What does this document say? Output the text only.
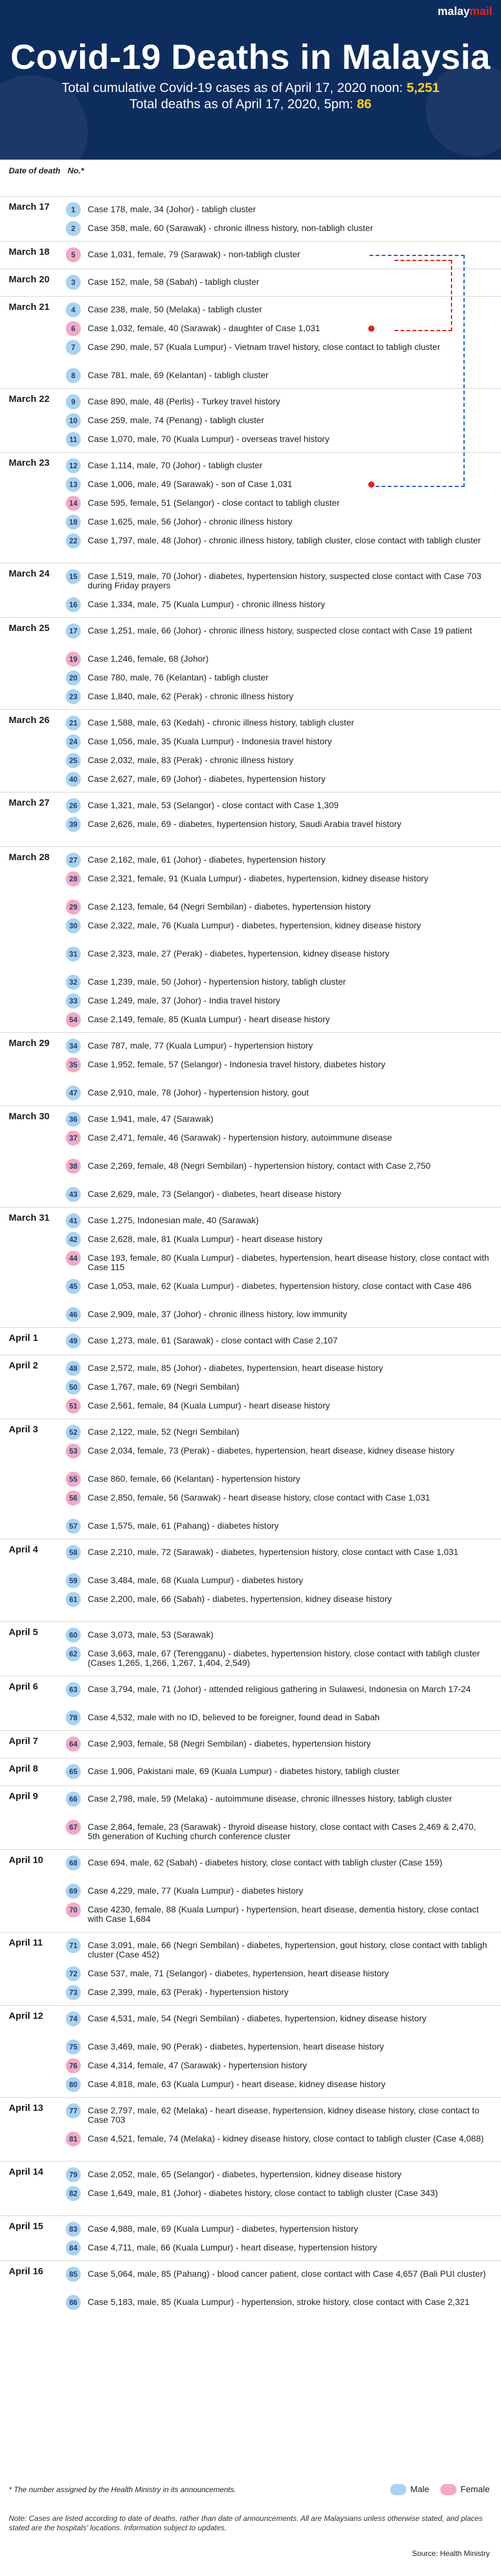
malaymail
Covid-19 Deaths in Malaysia
Total cumulative Covid-19 cases as of April 17, 2020 noon: 5,251
Total deaths as of April 17, 2020, 5pm: 86
Date of death No.*
March 17	1	Case 178, male, 34 (Johor) - tabligh cluster
2	Case 358, male, 60 (Sarawak) - chronic illness history, non-tabligh cluster
March 18	5	Case 1,031, female, 79 (Sarawak) - non-tabligh cluster
March 20	3	Case 152, male, 58 (Sabah) - tabligh cluster
March 21	4	Case 238, male, 50 (Melaka) - tabligh cluster
6	Case 1,032, female, 40 (Sarawak) - daughter of Case 1,031
7	Case 290, male, 57 (Kuala Lumpur) - Vietnam travel history, close contact to tabligh cluster
8	Case 781, male, 69 (Kelantan) - tabligh cluster
March 22	9	Case 890, male, 48 (Perlis) - Turkey travel history
10	Case 259, male, 74 (Penang) - tabligh cluster
11	Case 1,070, male, 70 (Kuala Lumpur) - overseas travel history
March 23	12	Case 1,114, male, 70 (Johor) - tabligh cluster
13	Case 1,006, male, 49 (Sarawak) - son of Case 1,031
14	Case 595, female, 51 (Selangor) - close contact to tabligh cluster
18	Case 1,625, male, 56 (Johor) - chronic illness history
22	Case 1,797, male, 48 (Johor) - chronic illness history, tabligh cluster, close contact with tabligh cluster
March 24	15	Case 1,519, male, 70 (Johor) - diabetes, hypertension history, suspected close contact with Case 703 during Friday prayers
16	Case 1,334, male, 75 (Kuala Lumpur) - chronic illness history
March 25	17	Case 1,251, male, 66 (Johor) - chronic illness history, suspected close contact with Case 19 patient
19	Case 1,246, female, 68 (Johor)
20	Case 780, male, 76 (Kelantan) - tabligh cluster
23	Case 1,840, male, 62 (Perak) - chronic illness history
March 26	21	Case 1,588, male, 63 (Kedah) - chronic illness history, tabligh cluster
24	Case 1,056, male, 35 (Kuala Lumpur) - Indonesia travel history
25	Case 2,032, male, 83 (Perak) - chronic illness history
40	Case 2,627, male, 69 (Johor) - diabetes, hypertension history
March 27	26	Case 1,321, male, 53 (Selangor) - close contact with Case 1,309
39	Case 2,626, male, 69 - diabetes, hypertension history, Saudi Arabia travel history
March 28	27	Case 2,162, male, 61 (Johor) - diabetes, hypertension history
28	Case 2,321, female, 91 (Kuala Lumpur) - diabetes, hypertension, kidney disease history
29	Case 2,123, female, 64 (Negri Sembilan) - diabetes, hypertension history
30	Case 2,322, male, 76 (Kuala Lumpur) - diabetes, hypertension, kidney disease history
31	Case 2,323, male, 27 (Perak) - diabetes, hypertension, kidney disease history
32	Case 1,239, male, 50 (Johor) - hypertension history, tabligh cluster
33	Case 1,249, male, 37 (Johor) - India travel history
54	Case 2,149, female, 85 (Kuala Lumpur) - heart disease history
March 29	34	Case 787, male, 77 (Kuala Lumpur) - hypertension history
35	Case 1,952, female, 57 (Selangor) - Indonesia travel history, diabetes history
47	Case 2,910, male, 78 (Johor) - hypertension history, gout
March 30	36	Case 1,941, male, 47 (Sarawak)
37	Case 2,471, female, 46 (Sarawak) - hypertension history, autoimmune disease
38	Case 2,269, female, 48 (Negri Sembilan) - hypertension history, contact with Case 2,750
43	Case 2,629, male, 73 (Selangor) - diabetes, heart disease history
March 31	41	Case 1,275, Indonesian male, 40 (Sarawak)
42	Case 2,628, male, 81 (Kuala Lumpur) - heart disease history
44	Case 193, female, 80 (Kuala Lumpur) - diabetes, hypertension, heart disease history, close contact with Case 115
45	Case 1,053, male, 62 (Kuala Lumpur) - diabetes, hypertension history, close contact with Case 486
46	Case 2,909, male, 37 (Johor) - chronic illness history, low immunity
April 1	49	Case 1,273, male, 61 (Sarawak) - close contact with Case 2,107
April 2	48	Case 2,572, male, 85 (Johor) - diabetes, hypertension, heart disease history
50	Case 1,767, male, 69 (Negri Sembilan)
51	Case 2,561, female, 84 (Kuala Lumpur) - heart disease history
April 3	52	Case 2,122, male, 52 (Negri Sembilan)
53	Case 2,034, female, 73 (Perak) - diabetes, hypertension, heart disease, kidney disease history
55	Case 860, female, 66 (Kelantan) - hypertension history
56	Case 2,850, female, 56 (Sarawak) - heart disease history, close contact with Case 1,031
57	Case 1,575, male, 61 (Pahang) - diabetes history
April 4	58	Case 2,210, male, 72 (Sarawak) - diabetes, hypertension history, close contact with Case 1,031
59	Case 3,484, male, 68 (Kuala Lumpur) - diabetes history
61	Case 2,200, male, 66 (Sabah) - diabetes, hypertension, kidney disease history
April 5	60	Case 3,073, male, 53 (Sarawak)
62	Case 3,663, male, 67 (Terengganu) - diabetes, hypertension history, close contact with tabligh cluster (Cases 1,265, 1,266, 1,267, 1,404, 2,549)
April 6	63	Case 3,794, male, 71 (Johor) - attended religious gathering in Sulawesi, Indonesia on March 17-24
78	Case 4,532, male with no ID, believed to be foreigner, found dead in Sabah
April 7	64	Case 2,903, female, 58 (Negri Sembilan) - diabetes, hypertension history
April 8	65	Case 1,906, Pakistani male, 69 (Kuala Lumpur) - diabetes history, tabligh cluster
April 9	66	Case 2,798, male, 59 (Melaka) - autoimmune disease, chronic illnesses history, tabligh cluster
67	Case 2,864, female, 23 (Sarawak) - thyroid disease history, close contact with Cases 2,469 & 2,470, 5th generation of Kuching church conference cluster
April 10	68	Case 694, male, 62 (Sabah) - diabetes history, close contact with tabligh cluster (Case 159)
69	Case 4,229, male, 77 (Kuala Lumpur) - diabetes history
70	Case 4230, female, 88 (Kuala Lumpur) - hypertension, heart disease, dementia history, close contact with Case 1,684
April 11	71	Case 3,091, male, 66 (Negri Sembilan) - diabetes, hypertension, gout history, close contact with tabligh cluster (Case 452)
72	Case 537, male, 71 (Selangor) - diabetes, hypertension, heart disease history
73	Case 2,399, male, 63 (Perak) - hypertension history
April 12	74	Case 4,531, male, 54 (Negri Sembilan) - diabetes, hypertension, kidney disease history
75	Case 3,469, male, 90 (Perak) - diabetes, hypertension, heart disease history
76	Case 4,314, female, 47 (Sarawak) - hypertension history
80	Case 4,818, male, 63 (Kuala Lumpur) - heart disease, kidney disease history
April 13	77	Case 2,797, male, 62 (Melaka) - heart disease, hypertension, kidney disease history, close contact to Case 703
81	Case 4,521, female, 74 (Melaka) - kidney disease history, close contact to tabligh cluster (Case 4,088)
April 14	79	Case 2,052, male, 65 (Selangor) - diabetes, hypertension, kidney disease history
82	Case 1,649, male, 81 (Johor) - diabetes history, close contact to tabligh cluster (Case 343)
April 15	83	Case 4,988, male, 69 (Kuala Lumpur) - diabetes, hypertension history
84	Case 4,711, male, 66 (Kuala Lumpur) - heart disease, hypertension history
April 16	85	Case 5,064, male, 85 (Pahang) - blood cancer patient, close contact with Case 4,657 (Bali PUI cluster)
86	Case 5,183, male, 85 (Kuala Lumpur) - hypertension, stroke history, close contact with Case 2,321
* The number assigned by the Health Ministry in its announcements.	Male	Female
Note: Cases are listed according to date of deaths, rather than date of announcements. All are Malaysians unless otherwise stated, and places stated are the hospitals' locations. Information subject to updates.
Source: Health Ministry
